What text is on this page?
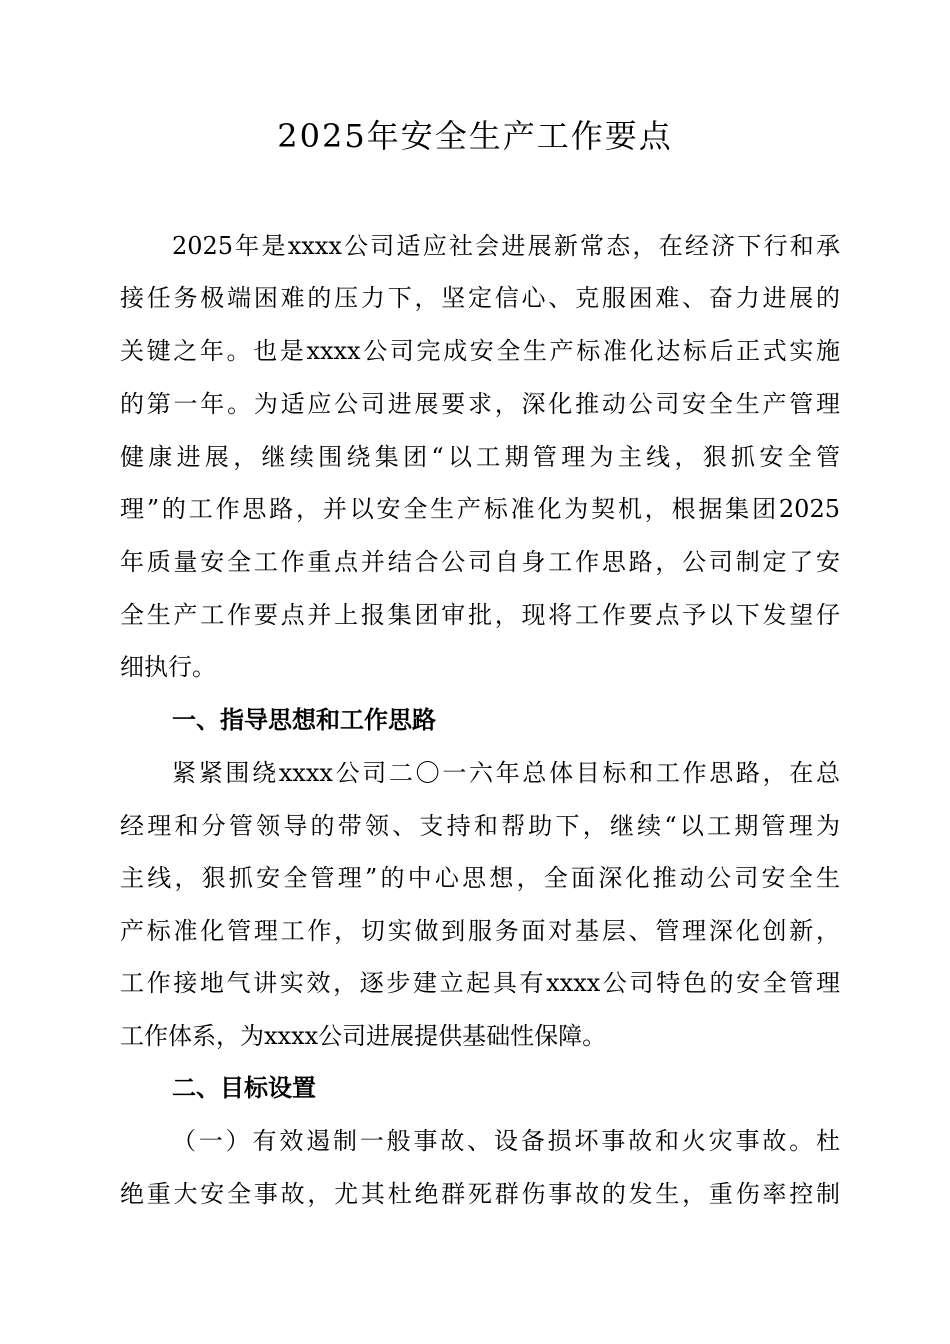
2025年安全生产工作要点
2025年是xxxx公司适应社会进展新常态，在经济下行和承
接任务极端困难的压力下，坚定信心、克服困难、奋力进展的
关键之年。也是xxxx公司完成安全生产标准化达标后正式实施
的第一年。为适应公司进展要求，深化推动公司安全生产管理
健康进展，继续围绕集团“以工期管理为主线，狠抓安全管
理”的工作思路，并以安全生产标准化为契机，根据集团2025
年质量安全工作重点并结合公司自身工作思路，公司制定了安
全生产工作要点并上报集团审批，现将工作要点予以下发望仔
细执行。
一、指导思想和工作思路
紧紧围绕xxxx公司二〇一六年总体目标和工作思路，在总
经理和分管领导的带领、支持和帮助下，继续“以工期管理为
主线，狠抓安全管理”的中心思想，全面深化推动公司安全生
产标准化管理工作，切实做到服务面对基层、管理深化创新，
工作接地气讲实效，逐步建立起具有xxxx公司特色的安全管理
工作体系，为xxxx公司进展提供基础性保障。
二、目标设置
（一）有效遏制一般事故、设备损坏事故和火灾事故。杜
绝重大安全事故，尤其杜绝群死群伤事故的发生，重伤率控制
